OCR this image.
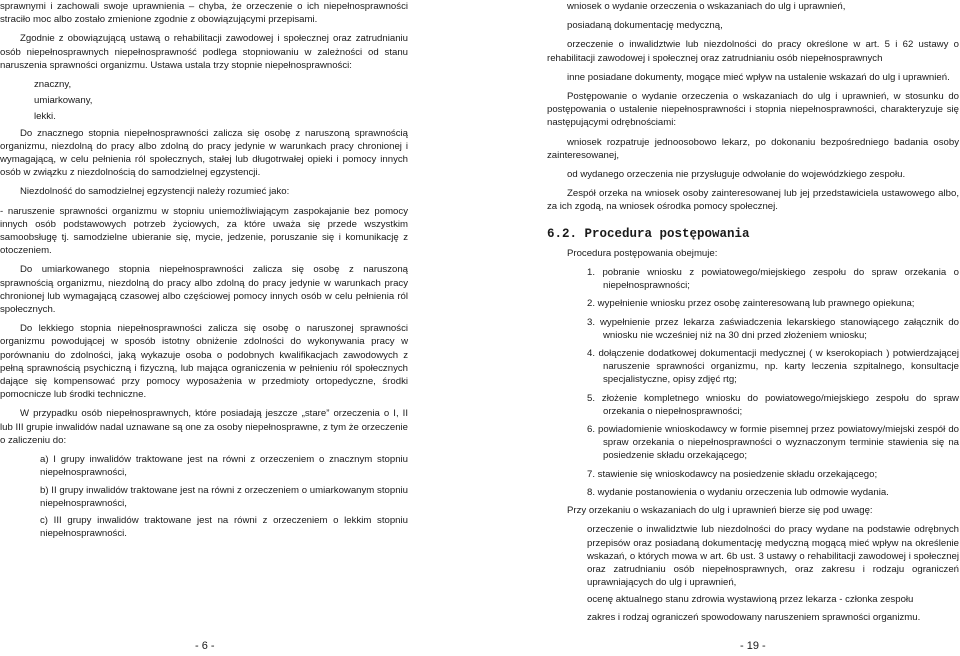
sprawnymi i zachowali swoje uprawnienia – chyba, że orzeczenie o ich niepełnosprawności straciło moc albo zostało zmienione zgodnie z obowiązującymi przepisami.

Zgodnie z obowiązującą ustawą o rehabilitacji zawodowej i społecznej oraz zatrudnianiu osób niepełnosprawnych niepełnosprawność podlega stopniowaniu w zależności od stanu naruszenia sprawności organizmu. Ustawa ustala trzy stopnie niepełnosprawności:

znaczny,

umiarkowany,

lekki.

Do znacznego stopnia niepełnosprawności zalicza się osobę z naruszoną sprawnością organizmu, niezdolną do pracy albo zdolną do pracy jedynie w warunkach pracy chronionej i wymagającą, w celu pełnienia ról społecznych, stałej lub długotrwałej opieki i pomocy innych osób w związku z niezdolnością do samodzielnej egzystencji.

Niezdolność do samodzielnej egzystencji należy rozumieć jako:

- naruszenie sprawności organizmu w stopniu uniemożliwiającym zaspokajanie bez pomocy innych osób podstawowych potrzeb życiowych, za które uważa się przede wszystkim samoobsługę tj. samodzielne ubieranie się, mycie, jedzenie, poruszanie się i komunikację z otoczeniem.

Do umiarkowanego stopnia niepełnosprawności zalicza się osobę z naruszoną sprawnością organizmu, niezdolną do pracy albo zdolną do pracy jedynie w warunkach pracy chronionej lub wymagającą czasowej albo częściowej pomocy innych osób w celu pełnienia ról społecznych.

Do lekkiego stopnia niepełnosprawności zalicza się osobę o naruszonej sprawności organizmu powodującej w sposób istotny obniżenie zdolności do wykonywania pracy w porównaniu do zdolności, jaką wykazuje osoba o podobnych kwalifikacjach zawodowych z pełną sprawnością psychiczną i fizyczną, lub mająca ograniczenia w pełnieniu ról społecznych dające się kompensować przy pomocy wyposażenia w przedmioty ortopedyczne, środki pomocnicze lub środki techniczne.

W przypadku osób niepełnosprawnych, które posiadają jeszcze „stare” orzeczenia o I, II lub III grupie inwalidów nadal uznawane są one za osoby niepełnosprawne, z tym że orzeczenie o zaliczeniu do:

a) I grupy inwalidów traktowane jest na równi z orzeczeniem o znacznym stopniu niepełnosprawności,

b) II grupy inwalidów traktowane jest na równi z orzeczeniem o umiarkowanym stopniu niepełnosprawności,

c) III grupy inwalidów traktowane jest na równi z orzeczeniem o lekkim stopniu niepełnosprawności.

- 6 -

wniosek o wydanie orzeczenia o wskazaniach do ulg i uprawnień,

posiadaną dokumentację medyczną,

orzeczenie o inwalidztwie lub niezdolności do pracy określone w art. 5 i 62 ustawy o rehabilitacji zawodowej i społecznej oraz zatrudnianiu osób niepełnosprawnych

inne posiadane dokumenty, mogące mieć wpływ na ustalenie wskazań do ulg i uprawnień.

Postępowanie o wydanie orzeczenia o wskazaniach do ulg i uprawnień, w stosunku do postępowania o ustalenie niepełnosprawności i stopnia niepełnosprawności, charakteryzuje się następującymi odrębnościami:

wniosek rozpatruje jednoosobowo lekarz, po dokonaniu bezpośredniego badania osoby zainteresowanej,

od wydanego orzeczenia nie przysługuje odwołanie do wojewódzkiego zespołu.

Zespół orzeka na wniosek osoby zainteresowanej lub jej przedstawiciela ustawowego albo, za ich zgodą, na wniosek ośrodka pomocy społecznej.

6.2. Procedura postępowania

Procedura postępowania obejmuje:

1. pobranie wniosku z powiatowego/miejskiego zespołu do spraw orzekania o niepełnosprawności;

2. wypełnienie wniosku przez osobę zainteresowaną lub prawnego opiekuna;

3. wypełnienie przez lekarza zaświadczenia lekarskiego stanowiącego załącznik do wniosku nie wcześniej niż na 30 dni przed złożeniem wniosku;

4. dołączenie dodatkowej dokumentacji medycznej ( w kserokopiach ) potwierdzającej naruszenie sprawności organizmu, np. karty leczenia szpitalnego, konsultacje specjalistyczne, opisy zdjęć rtg;

5. złożenie kompletnego wniosku do powiatowego/miejskiego zespołu do spraw orzekania o niepełnosprawności;

6. powiadomienie wnioskodawcy w formie pisemnej przez powiatowy/miejski zespół do spraw orzekania o niepełnosprawności o wyznaczonym terminie stawienia się na posiedzenie składu orzekającego;

7. stawienie się wnioskodawcy na posiedzenie składu orzekającego;

8. wydanie postanowienia o wydaniu orzeczenia lub odmowie wydania.

Przy orzekaniu o wskazaniach do ulg i uprawnień bierze się pod uwagę:

orzeczenie o inwalidztwie lub niezdolności do pracy wydane na podstawie odrębnych przepisów oraz posiadaną dokumentację medyczną mogącą mieć wpływ na określenie wskazań, o których mowa w art. 6b ust. 3 ustawy o rehabilitacji zawodowej i społecznej oraz zatrudnianiu osób niepełnosprawnych, oraz zakresu i rodzaju ograniczeń uprawniających do ulg i uprawnień,

ocenę aktualnego stanu zdrowia wystawioną przez lekarza - członka zespołu

zakres i rodzaj ograniczeń spowodowany naruszeniem sprawności organizmu.

- 19 -
